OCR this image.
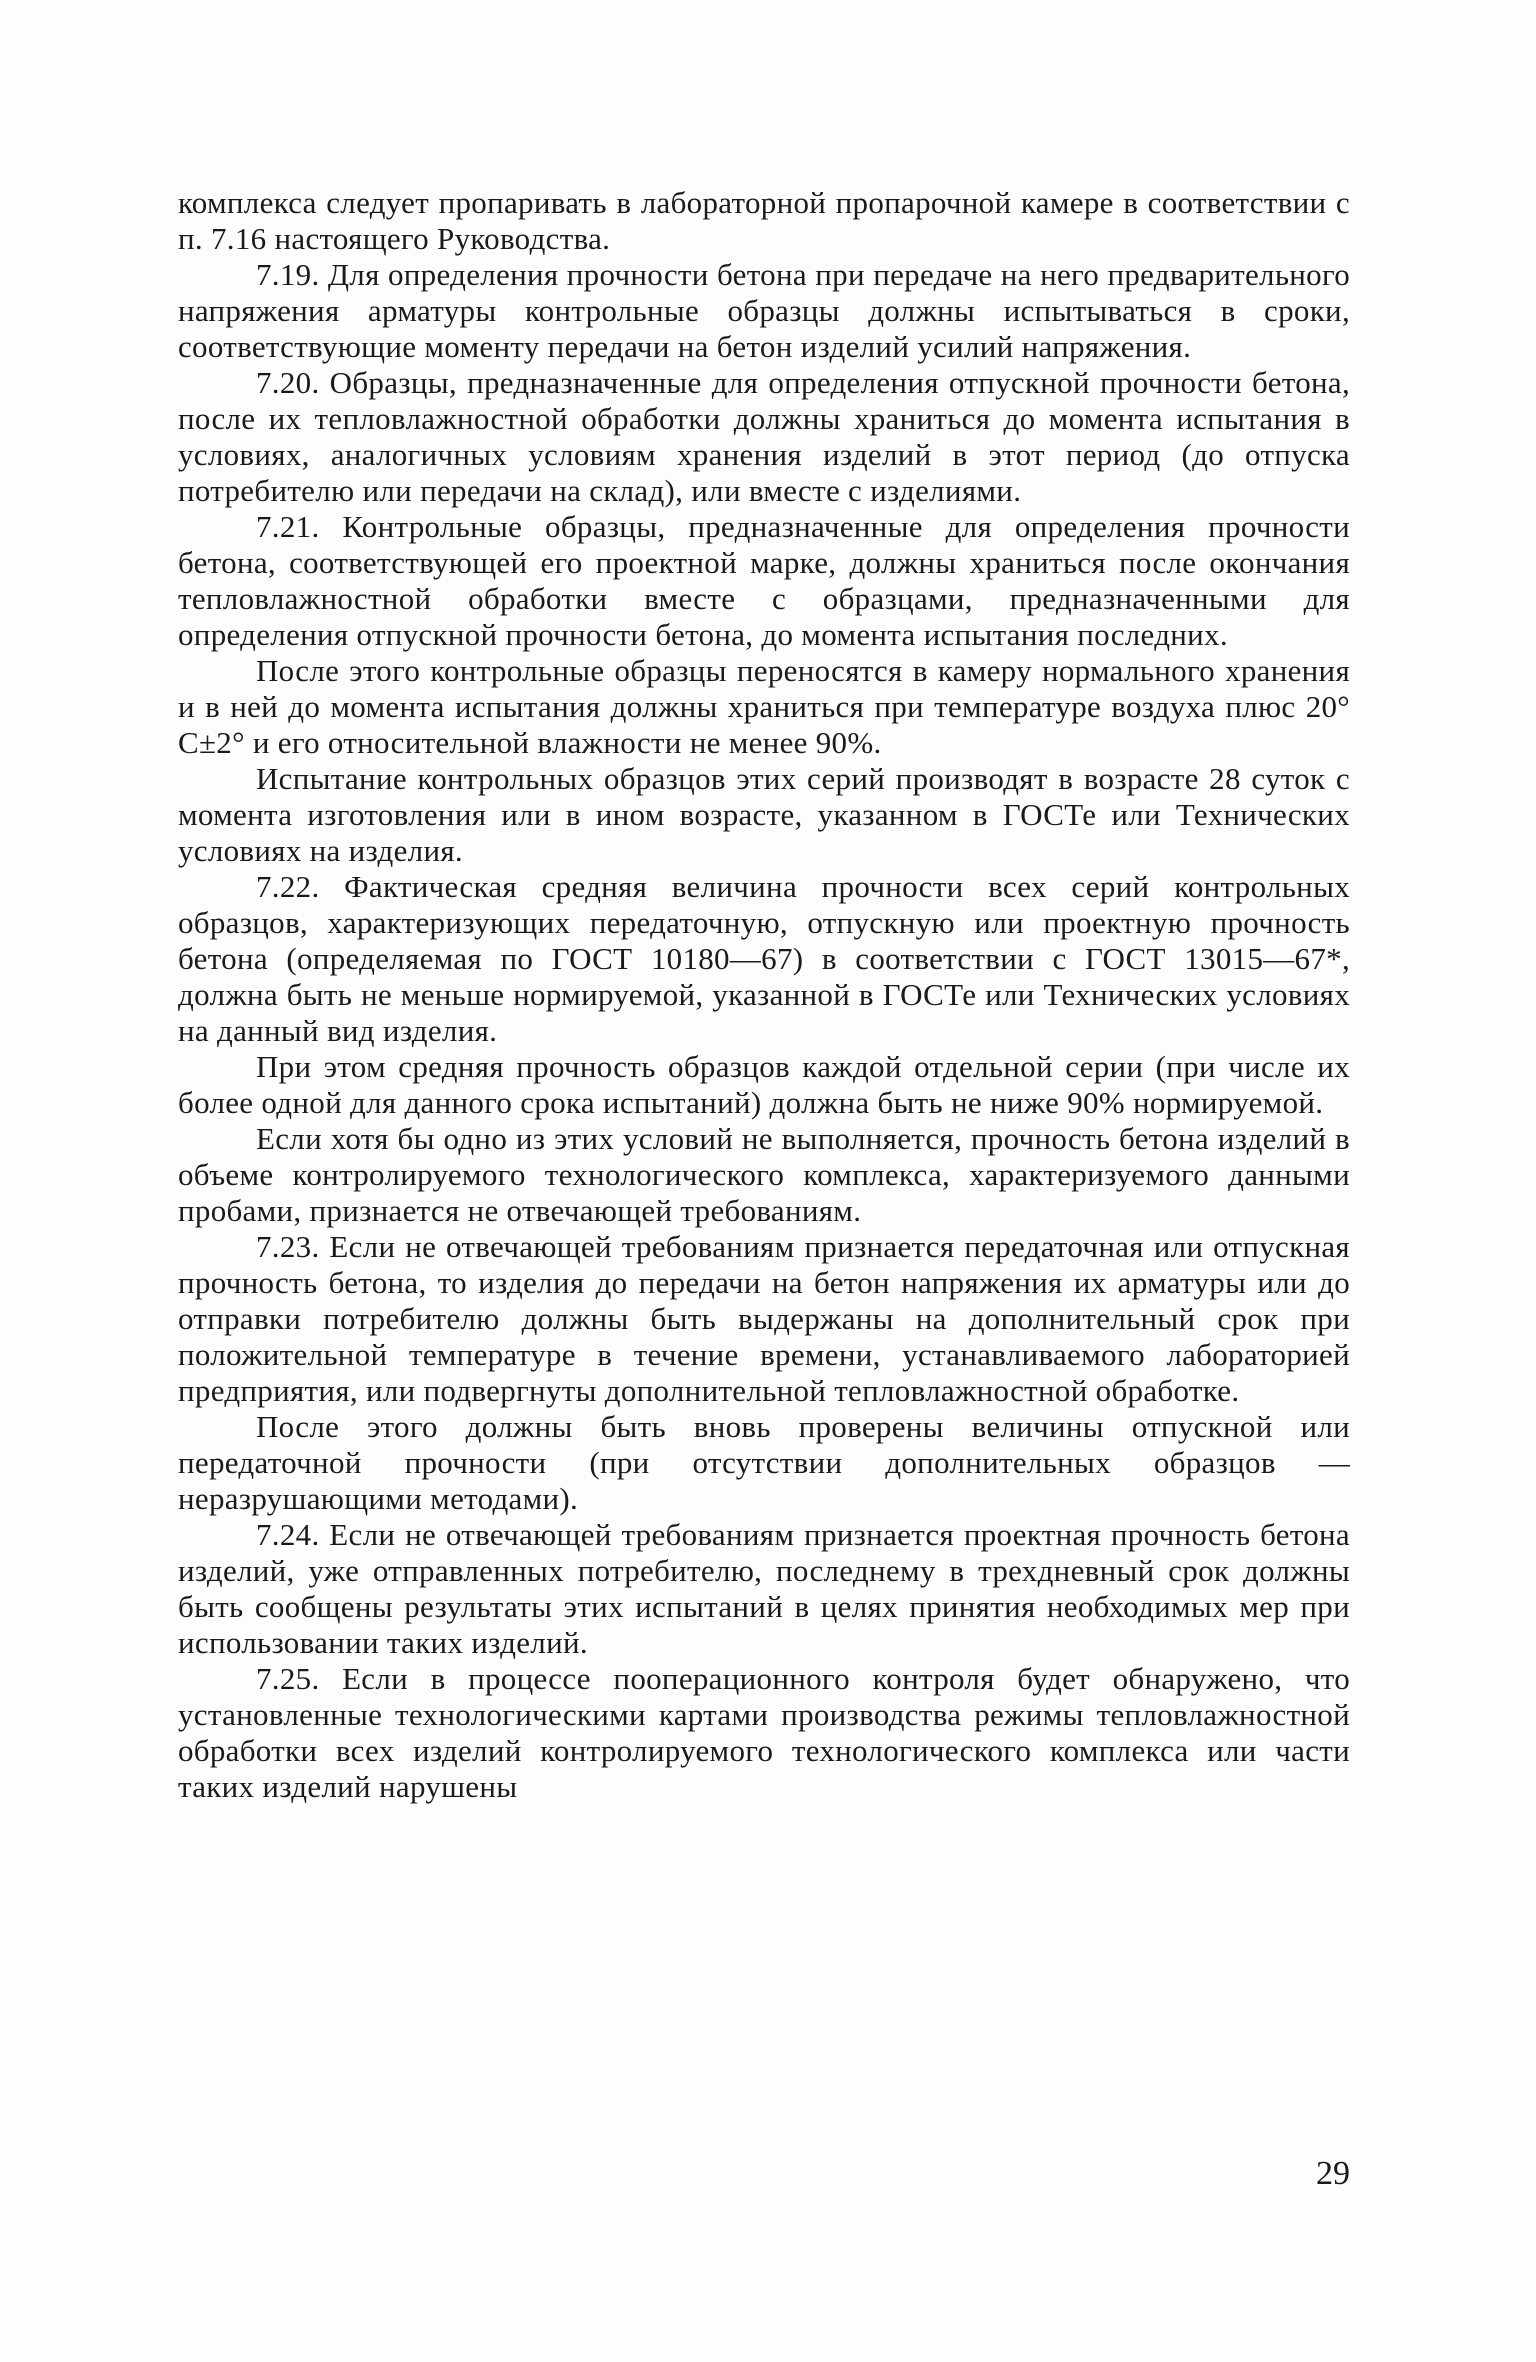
комплекса следует пропаривать в лабораторной пропарочной камере в соответствии с п. 7.16 настоящего Руководства.

7.19. Для определения прочности бетона при передаче на него предварительного напряжения арматуры контрольные образцы должны испытываться в сроки, соответствующие моменту передачи на бетон изделий усилий напряжения.

7.20. Образцы, предназначенные для определения отпускной прочности бетона, после их тепловлажностной обработки должны храниться до момента испытания в условиях, аналогичных условиям хранения изделий в этот период (до отпуска потребителю или передачи на склад), или вместе с изделиями.

7.21. Контрольные образцы, предназначенные для определения прочности бетона, соответствующей его проектной марке, должны храниться после окончания тепловлажностной обработки вместе с образцами, предназначенными для определения отпускной прочности бетона, до момента испытания последних.

После этого контрольные образцы переносятся в камеру нормального хранения и в ней до момента испытания должны храниться при температуре воздуха плюс 20° С±2° и его относительной влажности не менее 90%.

Испытание контрольных образцов этих серий производят в возрасте 28 суток с момента изготовления или в ином возрасте, указанном в ГОСТе или Технических условиях на изделия.

7.22. Фактическая средняя величина прочности всех серий контрольных образцов, характеризующих передаточную, отпускную или проектную прочность бетона (определяемая по ГОСТ 10180—67) в соответствии с ГОСТ 13015—67*, должна быть не меньше нормируемой, указанной в ГОСТе или Технических условиях на данный вид изделия.

При этом средняя прочность образцов каждой отдельной серии (при числе их более одной для данного срока испытаний) должна быть не ниже 90% нормируемой.

Если хотя бы одно из этих условий не выполняется, прочность бетона изделий в объеме контролируемого технологического комплекса, характеризуемого данными пробами, признается не отвечающей требованиям.

7.23. Если не отвечающей требованиям признается передаточная или отпускная прочность бетона, то изделия до передачи на бетон напряжения их арматуры или до отправки потребителю должны быть выдержаны на дополнительный срок при положительной температуре в течение времени, устанавливаемого лабораторией предприятия, или подвергнуты дополнительной тепловлажностной обработке.

После этого должны быть вновь проверены величины отпускной или передаточной прочности (при отсутствии дополнительных образцов — неразрушающими методами).

7.24. Если не отвечающей требованиям признается проектная прочность бетона изделий, уже отправленных потребителю, последнему в трехдневный срок должны быть сообщены результаты этих испытаний в целях принятия необходимых мер при использовании таких изделий.

7.25. Если в процессе пооперационного контроля будет обнаружено, что установленные технологическими картами производства режимы тепловлажностной обработки всех изделий контролируемого технологического комплекса или части таких изделий нарушены

29
